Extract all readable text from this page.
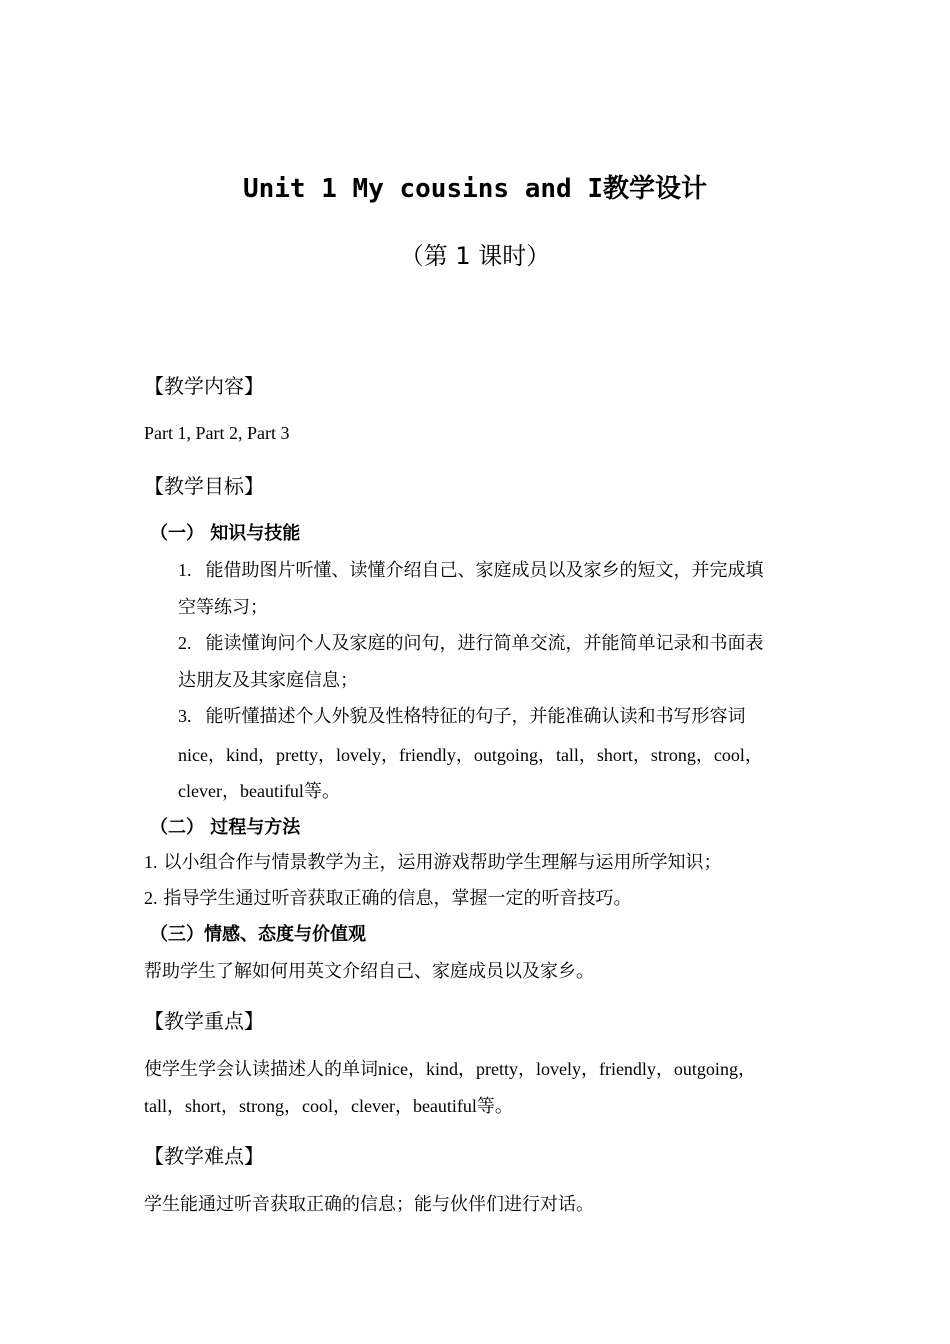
Unit 1 My cousins and I教学设计
（第 1 课时）
【教学内容】
Part 1, Part 2, Part 3
【教学目标】
（一） 知识与技能
1. 能借助图片听懂、读懂介绍自己、家庭成员以及家乡的短文，并完成填
空等练习；
2. 能读懂询问个人及家庭的问句，进行简单交流，并能简单记录和书面表
达朋友及其家庭信息；
3. 能听懂描述个人外貌及性格特征的句子，并能准确认读和书写形容词
nice，kind，pretty，lovely，friendly，outgoing，tall，short，strong，cool，
clever，beautiful等。
（二） 过程与方法
1. 以小组合作与情景教学为主，运用游戏帮助学生理解与运用所学知识；
2. 指导学生通过听音获取正确的信息，掌握一定的听音技巧。
（三）情感、态度与价值观
帮助学生了解如何用英文介绍自己、家庭成员以及家乡。
【教学重点】
使学生学会认读描述人的单词nice，kind，pretty，lovely，friendly，outgoing，
tall，short，strong，cool，clever，beautiful等。
【教学难点】
学生能通过听音获取正确的信息；能与伙伴们进行对话。
